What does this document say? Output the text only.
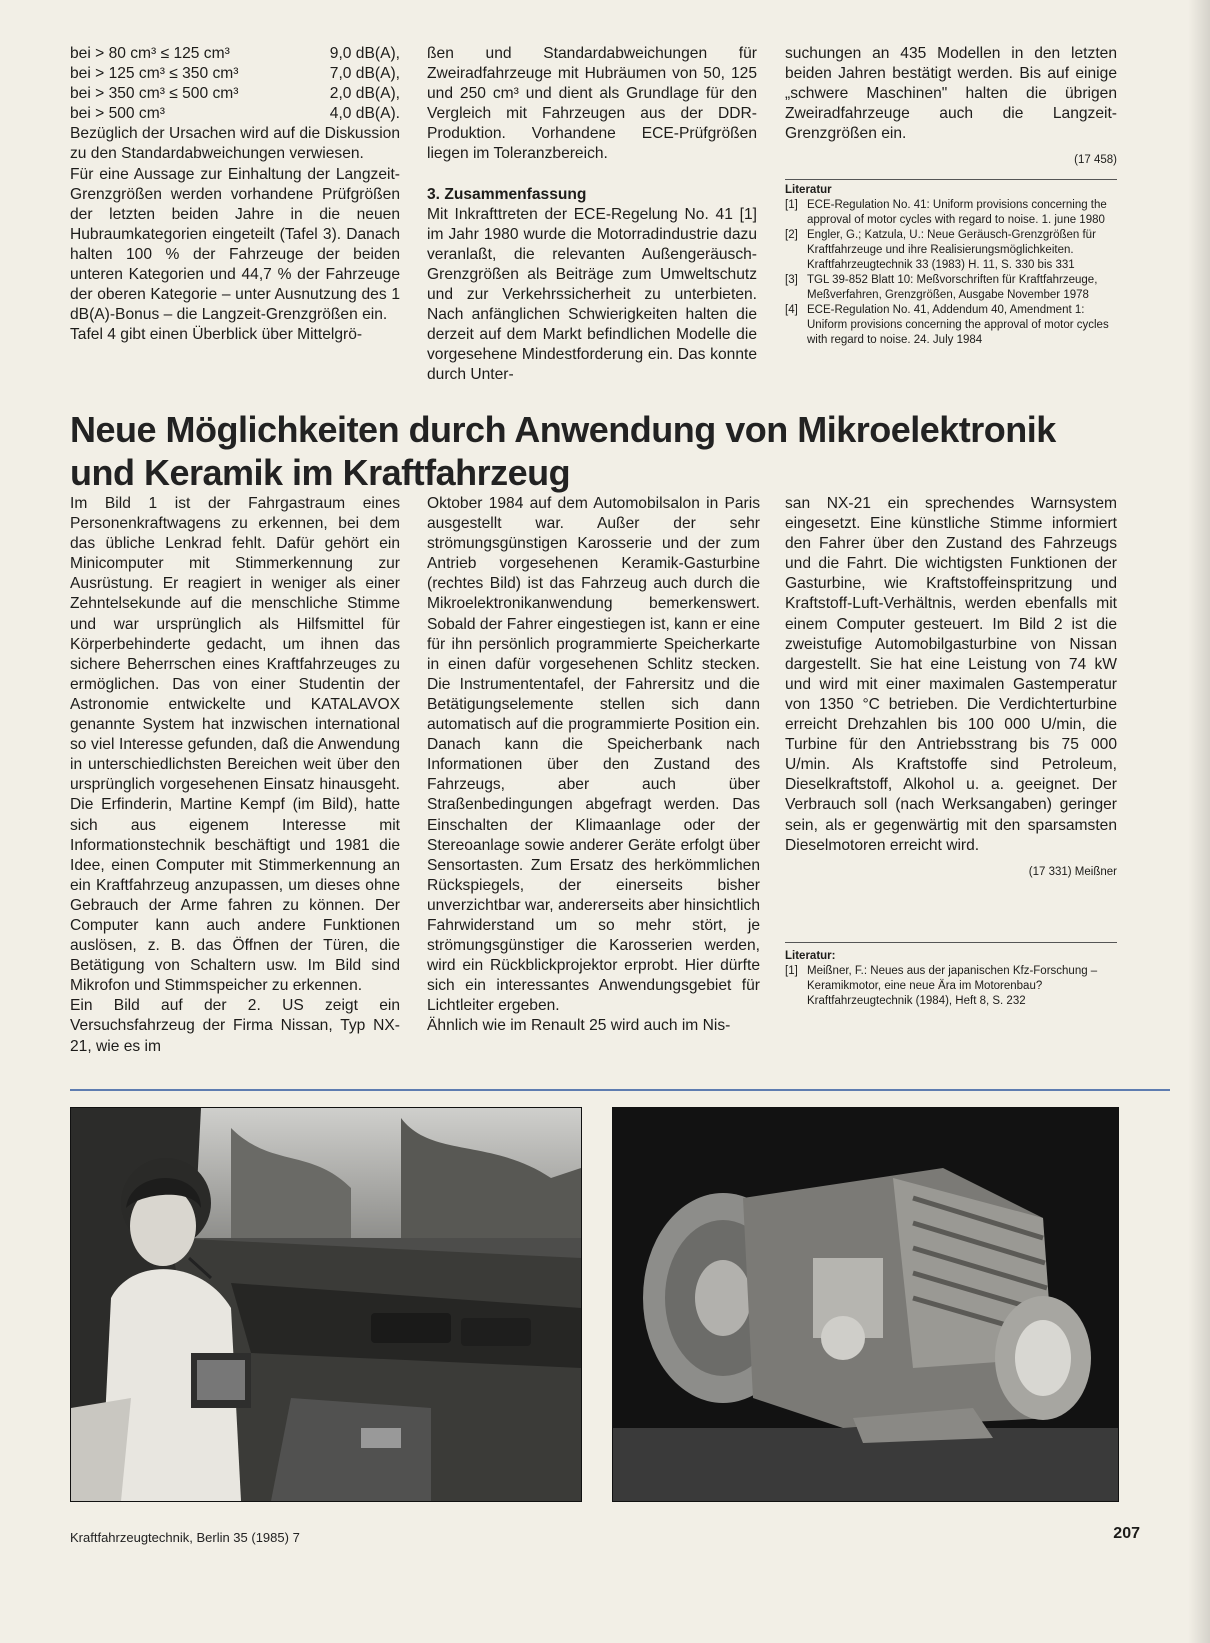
bei > 80 cm³ ≤ 125 cm³	9,0 dB(A),
bei > 125 cm³ ≤ 350 cm³	7,0 dB(A),
bei > 350 cm³ ≤ 500 cm³	2,0 dB(A),
bei > 500 cm³	4,0 dB(A).

Bezüglich der Ursachen wird auf die Diskussion zu den Standardabweichungen verwiesen.

Für eine Aussage zur Einhaltung der Langzeit-Grenzgrößen werden vorhandene Prüfgrößen der letzten beiden Jahre in die neuen Hubraumkategorien eingeteilt (Tafel 3). Danach halten 100 % der Fahrzeuge der beiden unteren Kategorien und 44,7 % der Fahrzeuge der oberen Kategorie – unter Ausnutzung des 1 dB(A)-Bonus – die Langzeit-Grenzgrößen ein.

Tafel 4 gibt einen Überblick über Mittelgrö-

ßen und Standardabweichungen für Zweiradfahrzeuge mit Hubräumen von 50, 125 und 250 cm³ und dient als Grundlage für den Vergleich mit Fahrzeugen aus der DDR-Produktion. Vorhandene ECE-Prüfgrößen liegen im Toleranzbereich.

3. Zusammenfassung

Mit Inkrafttreten der ECE-Regelung No. 41 [1] im Jahr 1980 wurde die Motorradindustrie dazu veranlaßt, die relevanten Außengeräusch-Grenzgrößen als Beiträge zum Umweltschutz und zur Verkehrssicherheit zu unterbieten. Nach anfänglichen Schwierigkeiten halten die derzeit auf dem Markt befindlichen Modelle die vorgesehene Mindestforderung ein. Das konnte durch Unter-

suchungen an 435 Modellen in den letzten beiden Jahren bestätigt werden. Bis auf einige „schwere Maschinen" halten die übrigen Zweiradfahrzeuge auch die Langzeit-Grenzgrößen ein.

(17 458)
Literatur
[1] ECE-Regulation No. 41: Uniform provisions concerning the approval of motor cycles with regard to noise. 1. june 1980
[2] Engler, G.; Katzula, U.: Neue Geräusch-Grenzgrößen für Kraftfahrzeuge und ihre Realisierungsmöglichkeiten. Kraftfahrzeugtechnik 33 (1983) H. 11, S. 330 bis 331
[3] TGL 39-852 Blatt 10: Meßvorschriften für Kraftfahrzeuge, Meßverfahren, Grenzgrößen, Ausgabe November 1978
[4] ECE-Regulation No. 41, Addendum 40, Amendment 1: Uniform provisions concerning the approval of motor cycles with regard to noise. 24. July 1984
Neue Möglichkeiten durch Anwendung von Mikroelektronik
und Keramik im Kraftfahrzeug

Im Bild 1 ist der Fahrgastraum eines Personenkraftwagens zu erkennen, bei dem das übliche Lenkrad fehlt. Dafür gehört ein Minicomputer mit Stimmerkennung zur Ausrüstung. Er reagiert in weniger als einer Zehntelsekunde auf die menschliche Stimme und war ursprünglich als Hilfsmittel für Körperbehinderte gedacht, um ihnen das sichere Beherrschen eines Kraftfahrzeuges zu ermöglichen. Das von einer Studentin der Astronomie entwickelte und KATALAVOX genannte System hat inzwischen international so viel Interesse gefunden, daß die Anwendung in unterschiedlichsten Bereichen weit über den ursprünglich vorgesehenen Einsatz hinausgeht. Die Erfinderin, Martine Kempf (im Bild), hatte sich aus eigenem Interesse mit Informationstechnik beschäftigt und 1981 die Idee, einen Computer mit Stimmerkennung an ein Kraftfahrzeug anzupassen, um dieses ohne Gebrauch der Arme fahren zu können. Der Computer kann auch andere Funktionen auslösen, z. B. das Öffnen der Türen, die Betätigung von Schaltern usw. Im Bild sind Mikrofon und Stimmspeicher zu erkennen.

Ein Bild auf der 2. US zeigt ein Versuchsfahrzeug der Firma Nissan, Typ NX-21, wie es im

Oktober 1984 auf dem Automobilsalon in Paris ausgestellt war. Außer der sehr strömungsgünstigen Karosserie und der zum Antrieb vorgesehenen Keramik-Gasturbine (rechtes Bild) ist das Fahrzeug auch durch die Mikroelektronikanwendung bemerkenswert. Sobald der Fahrer eingestiegen ist, kann er eine für ihn persönlich programmierte Speicherkarte in einen dafür vorgesehenen Schlitz stecken. Die Instrumententafel, der Fahrersitz und die Betätigungselemente stellen sich dann automatisch auf die programmierte Position ein. Danach kann die Speicherbank nach Informationen über den Zustand des Fahrzeugs, aber auch über Straßenbedingungen abgefragt werden. Das Einschalten der Klimaanlage oder der Stereoanlage sowie anderer Geräte erfolgt über Sensortasten. Zum Ersatz des herkömmlichen Rückspiegels, der einerseits bisher unverzichtbar war, andererseits aber hinsichtlich Fahrwiderstand um so mehr stört, je strömungsgünstiger die Karosserien werden, wird ein Rückblickprojektor erprobt. Hier dürfte sich ein interessantes Anwendungsgebiet für Lichtleiter ergeben.

Ähnlich wie im Renault 25 wird auch im Nis-

san NX-21 ein sprechendes Warnsystem eingesetzt. Eine künstliche Stimme informiert den Fahrer über den Zustand des Fahrzeugs und die Fahrt. Die wichtigsten Funktionen der Gasturbine, wie Kraftstoffeinspritzung und Kraftstoff-Luft-Verhältnis, werden ebenfalls mit einem Computer gesteuert. Im Bild 2 ist die zweistufige Automobilgasturbine von Nissan dargestellt. Sie hat eine Leistung von 74 kW und wird mit einer maximalen Gastemperatur von 1350 °C betrieben. Die Verdichterturbine erreicht Drehzahlen bis 100 000 U/min, die Turbine für den Antriebsstrang bis 75 000 U/min. Als Kraftstoffe sind Petroleum, Dieselkraftstoff, Alkohol u. a. geeignet. Der Verbrauch soll (nach Werksangaben) geringer sein, als er gegenwärtig mit den sparsamsten Dieselmotoren erreicht wird.

(17 331) Meißner
Literatur:
[1] Meißner, F.: Neues aus der japanischen Kfz-Forschung – Keramikmotor, eine neue Ära im Motorenbau? Kraftfahrzeugtechnik (1984), Heft 8, S. 232
Kraftfahrzeugtechnik, Berlin 35 (1985) 7	207
